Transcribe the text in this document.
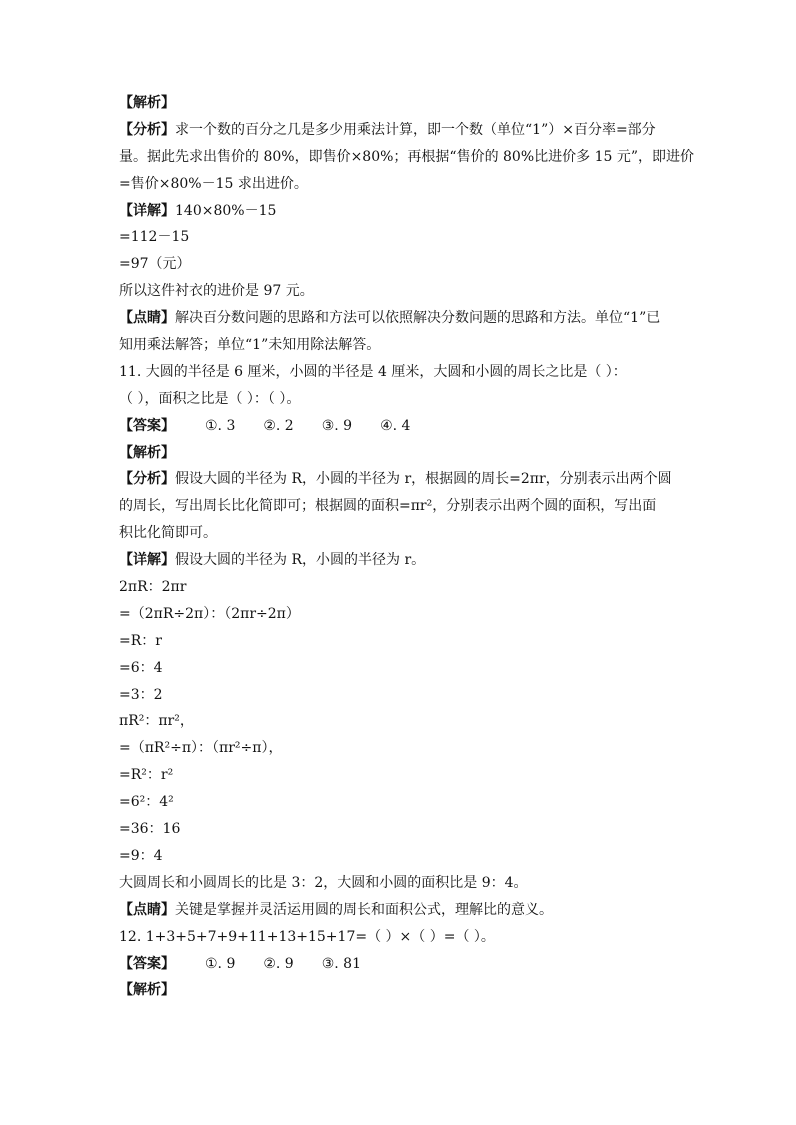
【解析】
【分析】求一个数的百分之几是多少用乘法计算，即一个数（单位“1”）×百分率=部分
量。据此先求出售价的 80%，即售价×80%；再根据“售价的 80%比进价多 15 元”，即进价
=售价×80%－15 求出进价。
【详解】140×80%－15
=112－15
=97（元）
所以这件衬衣的进价是 97 元。
【点睛】解决百分数问题的思路和方法可以依照解决分数问题的思路和方法。单位“1”已
知用乘法解答；单位“1”未知用除法解答。
11. 大圆的半径是 6 厘米，小圆的半径是 4 厘米，大圆和小圆的周长之比是（ ）：
（ ），面积之比是（ ）：（ ）。
【答案】 ①. 3 ②. 2 ③. 9 ④. 4
【解析】
【分析】假设大圆的半径为 R，小圆的半径为 r，根据圆的周长=2πr，分别表示出两个圆
的周长，写出周长比化简即可；根据圆的面积=πr²，分别表示出两个圆的面积，写出面
积比化简即可。
【详解】假设大圆的半径为 R，小圆的半径为 r。
2πR：2πr
=（2πR÷2π）：（2πr÷2π）
=R：r
=6：4
=3：2
πR²：πr²，
=（πR²÷π）：（πr²÷π），
=R²：r²
=6²：4²
=36：16
=9：4
大圆周长和小圆周长的比是 3：2，大圆和小圆的面积比是 9：4。
【点睛】关键是掌握并灵活运用圆的周长和面积公式，理解比的意义。
12. 1+3+5+7+9+11+13+15+17=（ ）×（ ）=（ ）。
【答案】 ①. 9 ②. 9 ③. 81
【解析】
